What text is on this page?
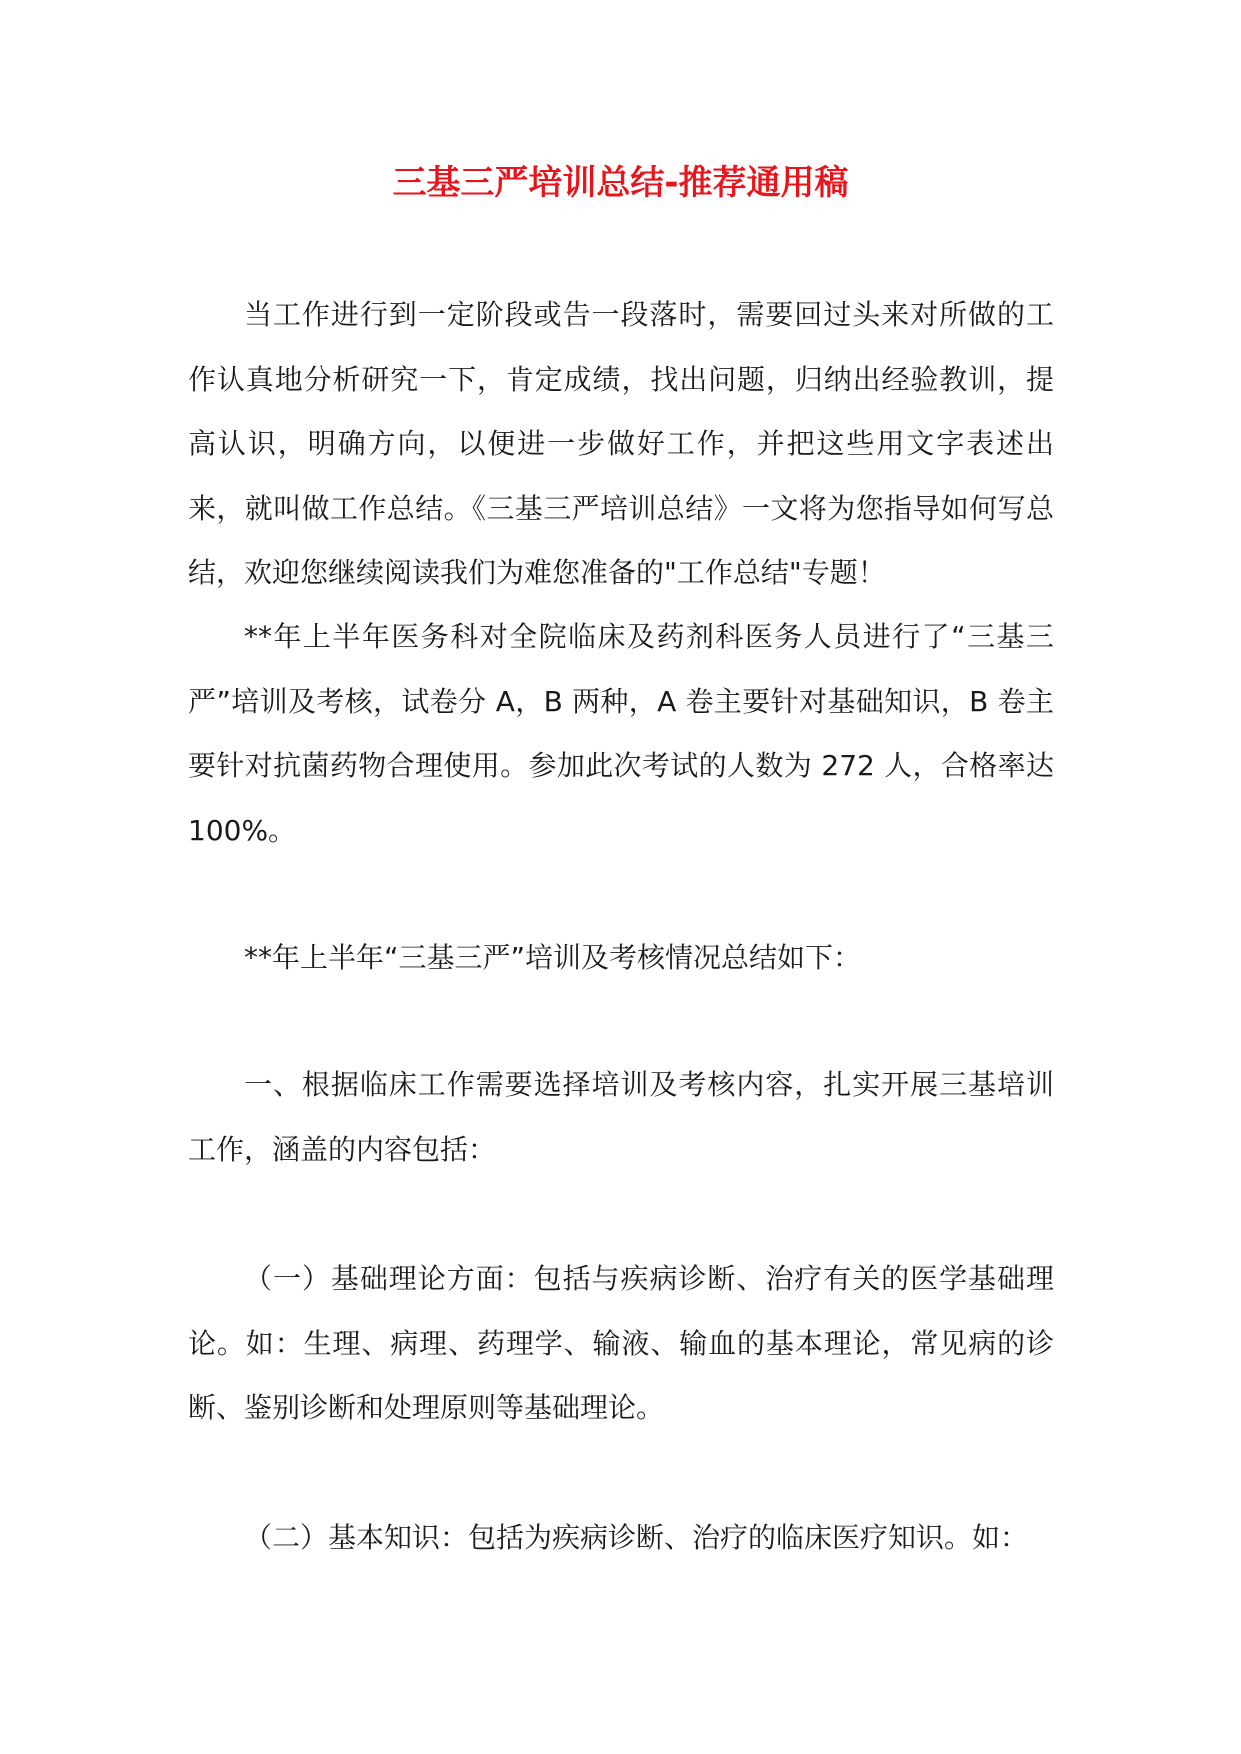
三基三严培训总结-推荐通用稿

当工作进行到一定阶段或告一段落时，需要回过头来对所做的工作认真地分析研究一下，肯定成绩，找出问题，归纳出经验教训，提高认识，明确方向，以便进一步做好工作，并把这些用文字表述出来，就叫做工作总结。《三基三严培训总结》一文将为您指导如何写总结，欢迎您继续阅读我们为难您准备的"工作总结"专题！

**年上半年医务科对全院临床及药剂科医务人员进行了“三基三严”培训及考核，试卷分 A，B 两种，A 卷主要针对基础知识，B 卷主要针对抗菌药物合理使用。参加此次考试的人数为 272 人，合格率达 100%。

**年上半年“三基三严”培训及考核情况总结如下：

一、根据临床工作需要选择培训及考核内容，扎实开展三基培训工作，涵盖的内容包括：

（一）基础理论方面：包括与疾病诊断、治疗有关的医学基础理论。如：生理、病理、药理学、输液、输血的基本理论，常见病的诊断、鉴别诊断和处理原则等基础理论。

（二）基本知识：包括为疾病诊断、治疗的临床医疗知识。如：
